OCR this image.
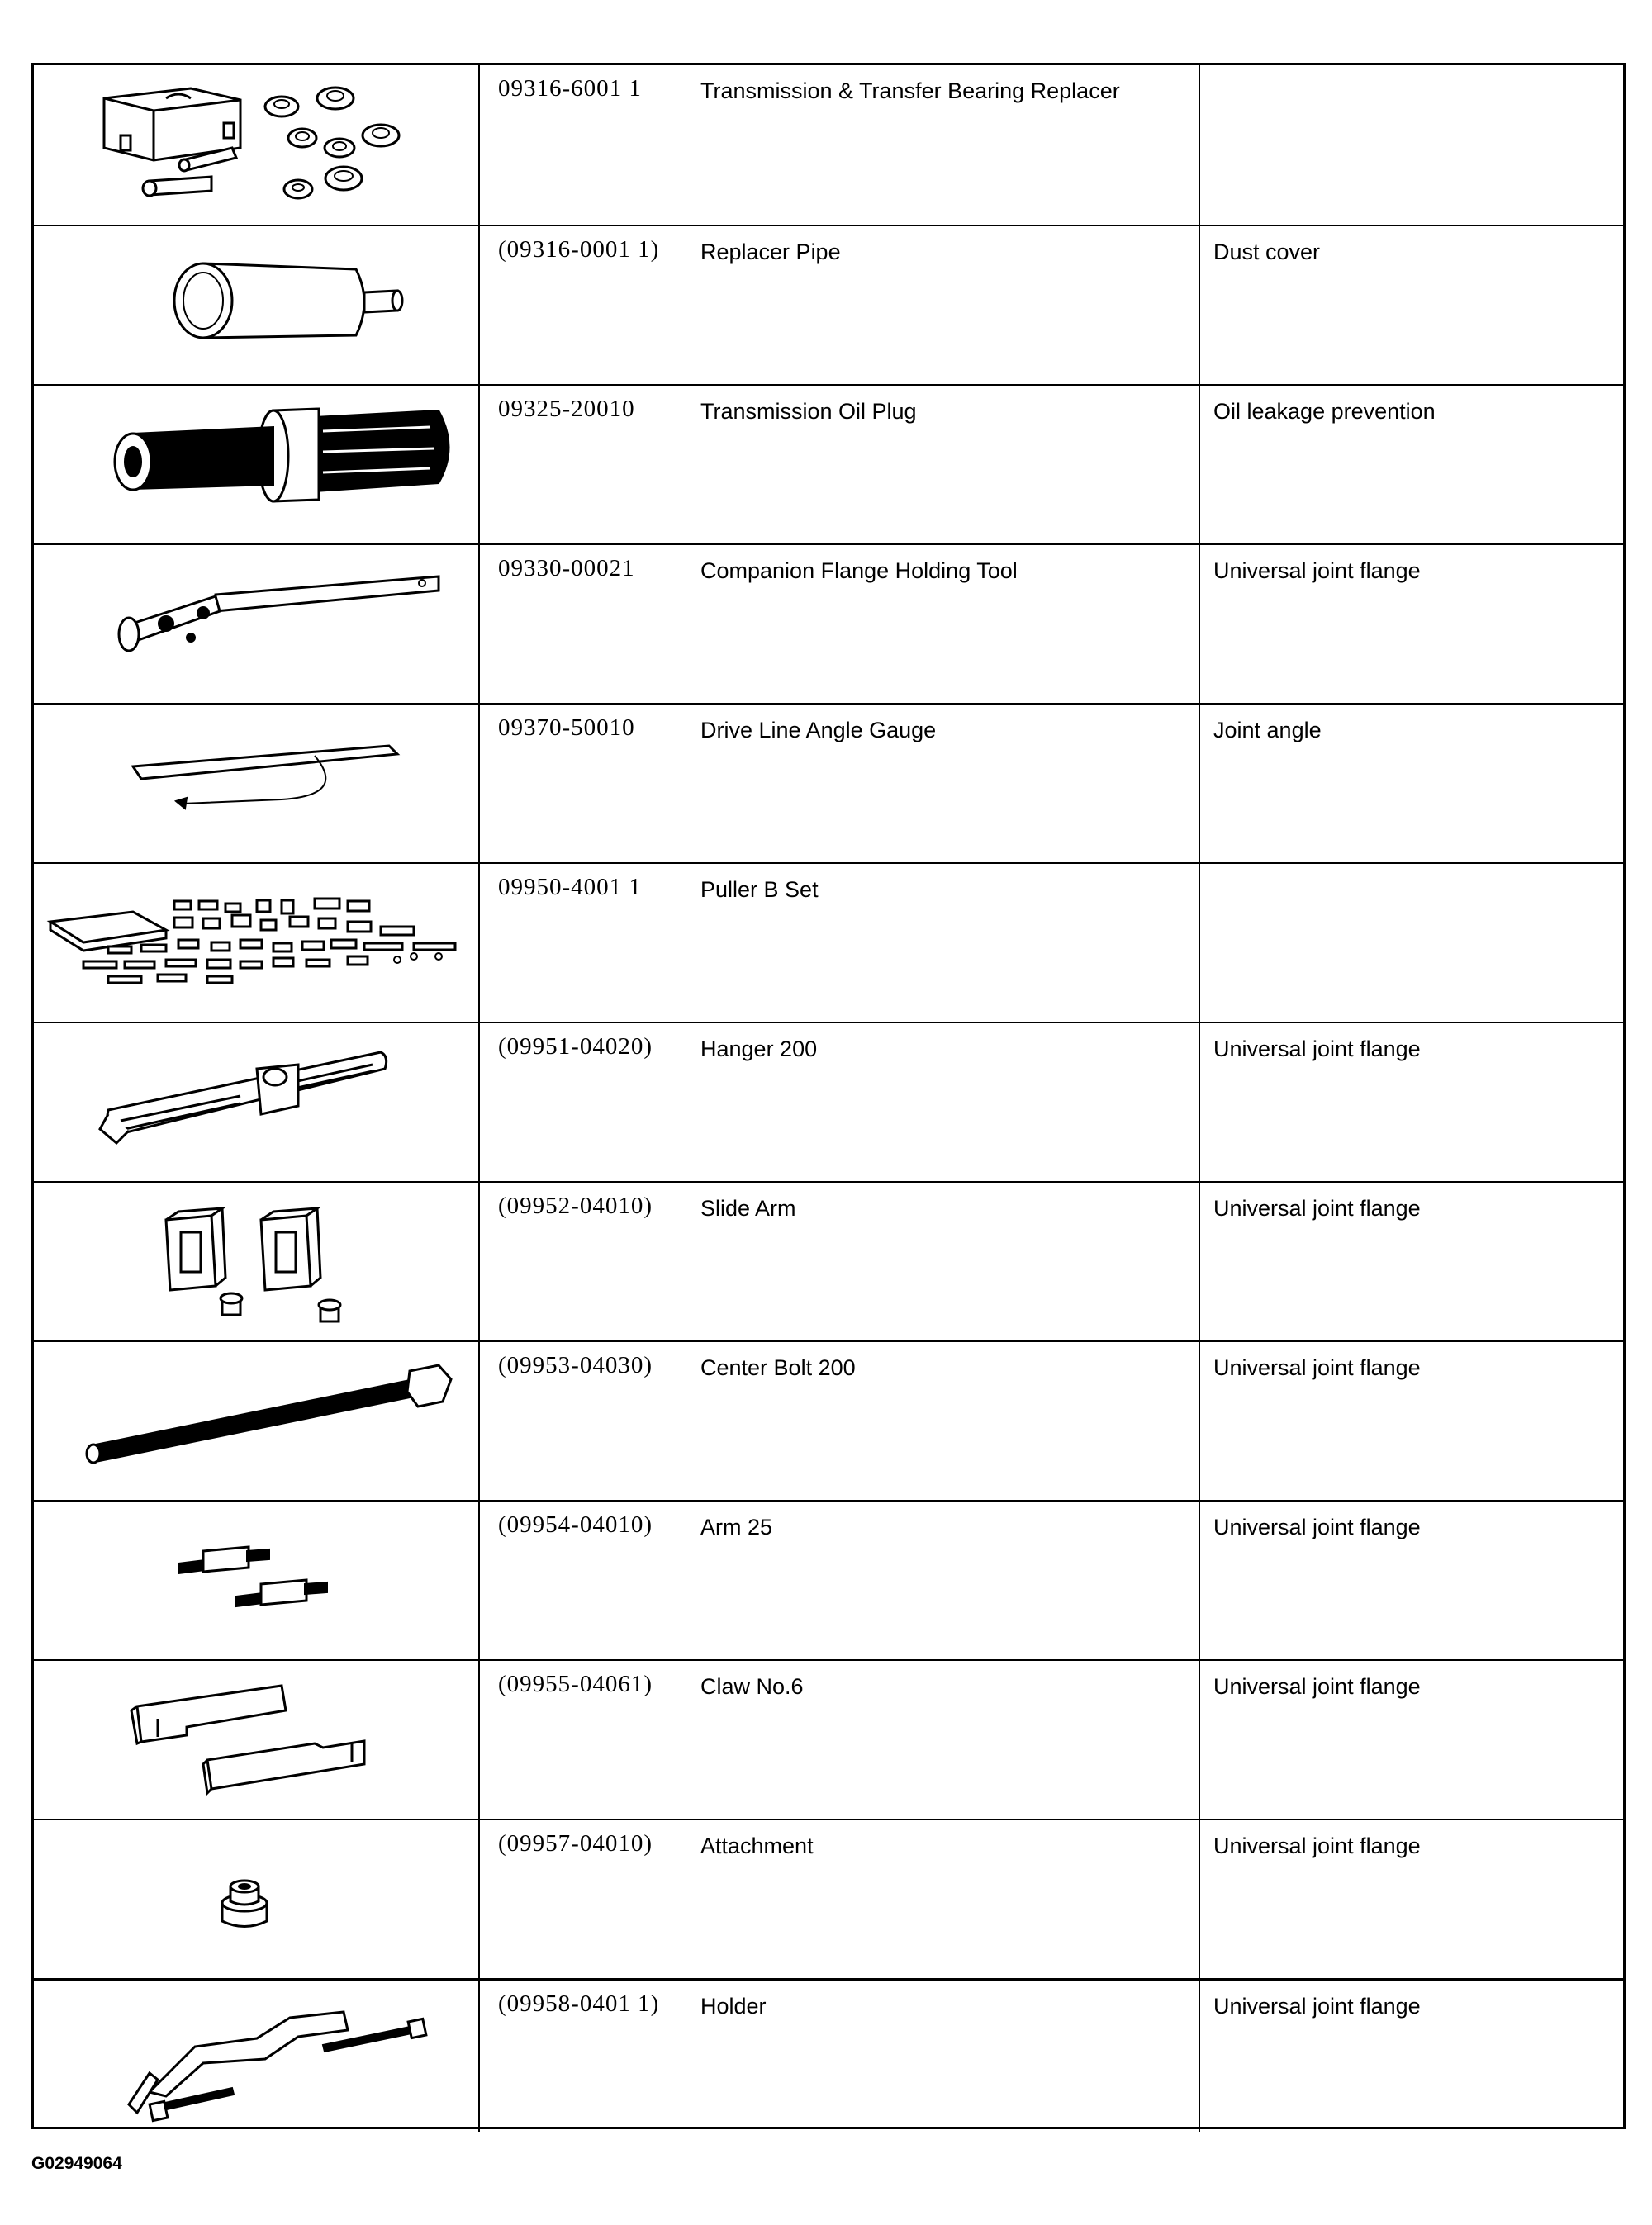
09316-6001 1	Transmission & Transfer Bearing Replacer
(09316-0001 1)	Replacer Pipe	Dust cover
09325-20010	Transmission Oil Plug	Oil leakage prevention
09330-00021	Companion Flange Holding Tool	Universal joint flange
09370-50010	Drive Line Angle Gauge	Joint angle
09950-4001 1	Puller B Set
(09951-04020)	Hanger 200	Universal joint flange
(09952-04010)	Slide Arm	Universal joint flange
(09953-04030)	Center Bolt 200	Universal joint flange
(09954-04010)	Arm 25	Universal joint flange
(09955-04061)	Claw No.6	Universal joint flange
(09957-04010)	Attachment	Universal joint flange
(09958-0401 1)	Holder	Universal joint flange
G02949064
